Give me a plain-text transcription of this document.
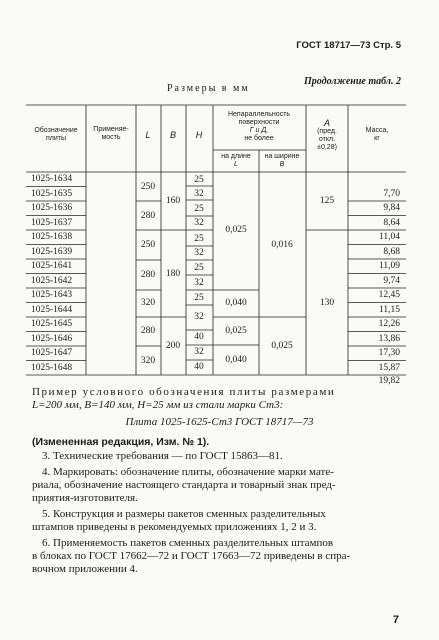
ГОСТ 18717—73 Стр. 5
Продолжение табл. 2
Размеры в мм
Обозначение
плиты
Применяе-
мость	L B H
Непараллельность
поверхности
Г и Д,
не более
на длине
L
на ширине
B
A
(пред.
откл.
±0,28)
Масса,
кг
1025-1634
1025-1635
1025-1636
1025-1637
1025-1638
1025-1639
1025-1641
1025-1642
1025-1643
1025-1644
1025-1645
1025-1646
1025-1647
1025-1648
250
280
250
280
320
280
320
160
180
200
25
32
25
32
25
32
25
32
25
32
40
32
40
0,025
0,040
0,025
0,040
0,016
0,025
125
130
7,70
9,84
8,64
11,04
8,68
11,09
9,74
12,45
11,15
12,26
13,86
17,30
15,87
19,82
Пример условного обозначения плиты размерами
L=200 мм, B=140 мм, H=25 мм из стали марки Ст3:
Плита 1025-1625-Ст3 ГОСТ 18717—73
(Измененная редакция, Изм. № 1).
3. Технические требования — по ГОСТ 15863—81.
4. Маркировать: обозначение плиты, обозначение марки мате-
риала, обозначение настоящего стандарта и товарный знак пред-
приятия-изготовителя.
5. Конструкция и размеры пакетов сменных разделительных
штампов приведены в рекомендуемых приложениях 1, 2 и 3.
6. Применяемость пакетов сменных разделительных штампов
в блоках по ГОСТ 17662—72 и ГОСТ 17663—72 приведены в спра-
вочном приложении 4.
7
